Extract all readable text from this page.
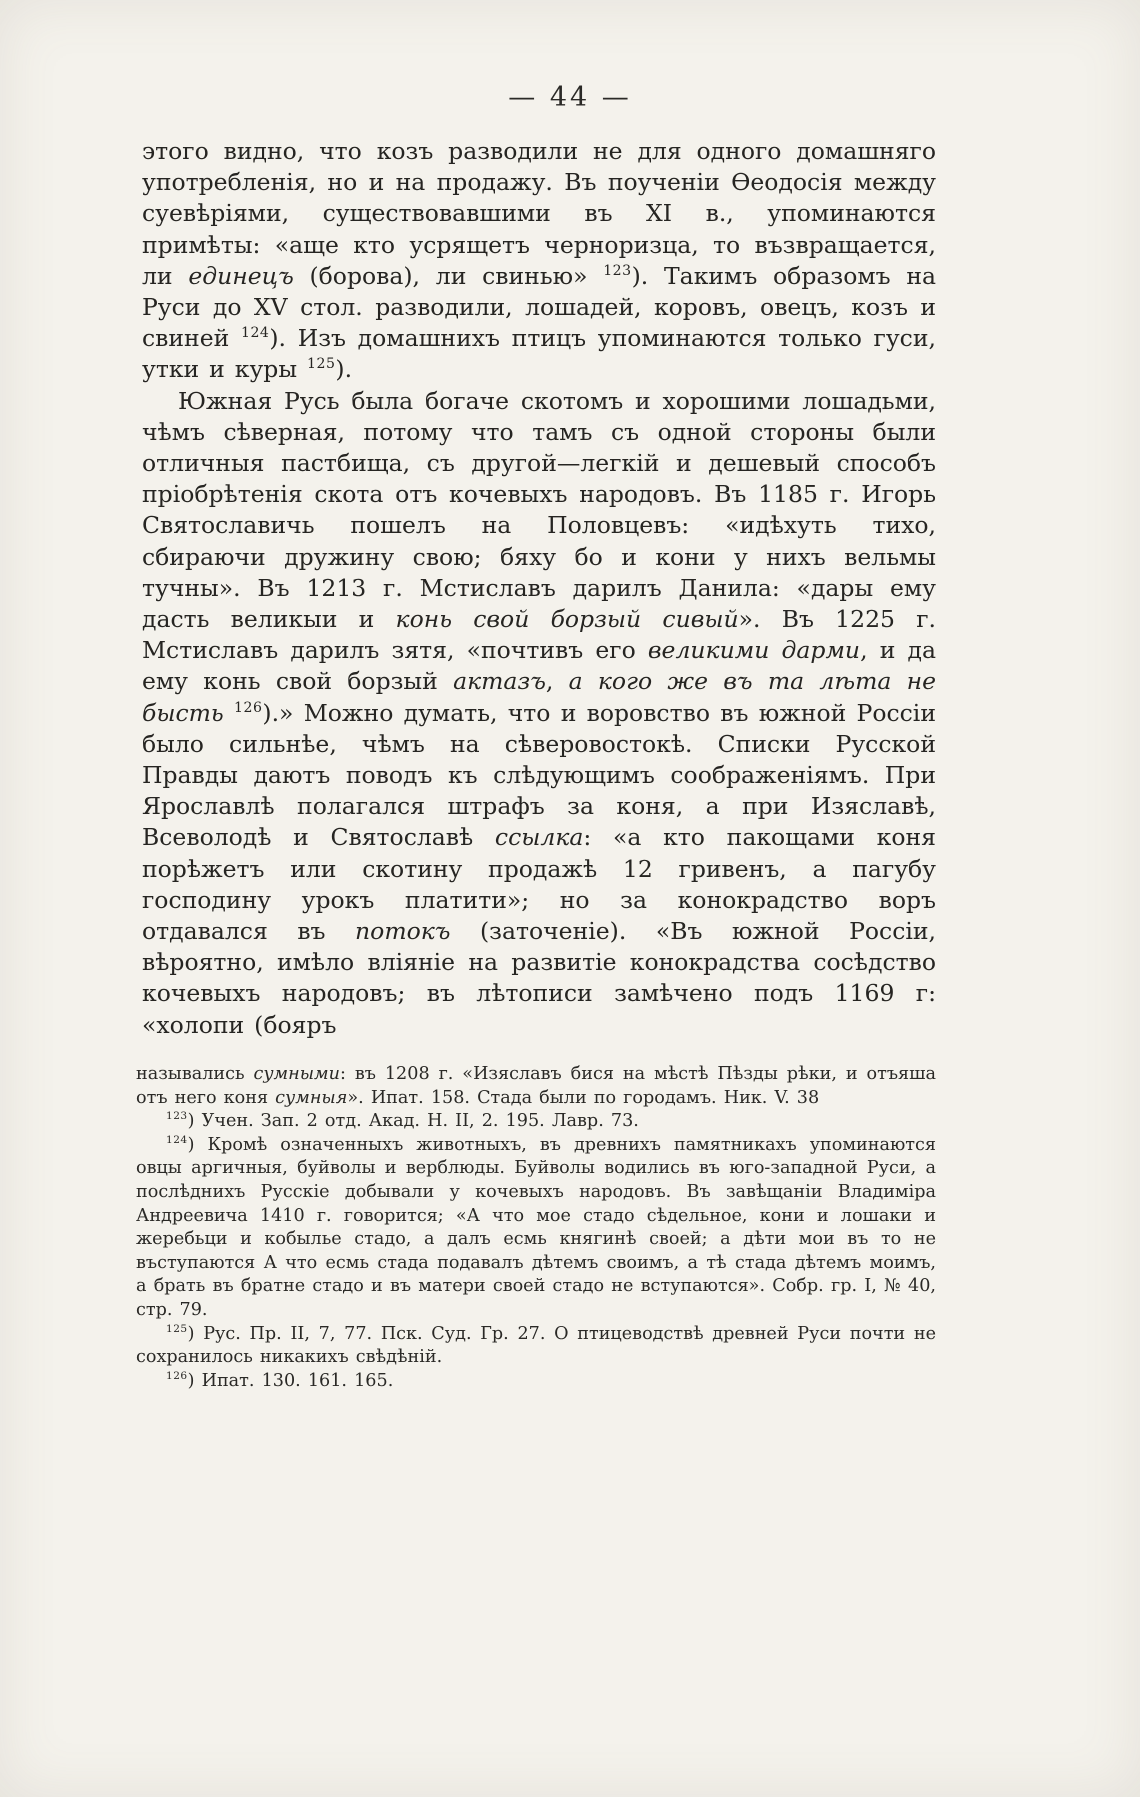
— 44 —

этого видно, что козъ разводили не для одного домашняго употребленія, но и на продажу. Въ поученіи Ѳеодосія между суевѣріями, существовавшими въ XI в., упоминаются примѣты: «аще кто усрящетъ черноризца, то възвращается, ли единецъ (борова), ли свинью» $^{123}$). Такимъ образомъ на Руси до XV стол. разводили, лошадей, коровъ, овецъ, козъ и свиней $^{124}$). Изъ домашнихъ птицъ упоминаются только гуси, утки и куры $^{125}$).

Южная Русь была богаче скотомъ и хорошими лошадьми, чѣмъ сѣверная, потому что тамъ съ одной стороны были отличныя пастбища, съ другой—легкій и дешевый способъ пріобрѣтенія скота отъ кочевыхъ народовъ. Въ 1185 г. Игорь Святославичь пошелъ на Половцевъ: «идѣхуть тихо, сбираючи дружину свою; бяху бо и кони у нихъ вельмы тучны». Въ 1213 г. Мстиславъ дарилъ Данила: «дары ему дасть великыи и конь свой борзый сивый». Въ 1225 г. Мстиславъ дарилъ зятя, «почтивъ его великими дарми, и да ему конь свой борзый актазъ, а кого же въ та лѣта не бысть $^{126}$).» Можно думать, что и воровство въ южной Россіи было сильнѣе, чѣмъ на сѣверовостокѣ. Списки Русской Правды даютъ поводъ къ слѣдующимъ соображеніямъ. При Ярославлѣ полагался штрафъ за коня, а при Изяславѣ, Всеволодѣ и Святославѣ ссылка: «а кто пакощами коня порѣжетъ или скотину продажѣ 12 гривенъ, а пагубу господину урокъ платити»; но за конокрадство воръ отдавался въ потокъ (заточеніе). «Въ южной Россіи, вѣроятно, имѣло вліяніе на развитіе конокрадства сосѣдство кочевыхъ народовъ; въ лѣтописи замѣчено подъ 1169 г: «холопи (бояръ

назывались сумными: въ 1208 г. «Изяславъ бися на мѣстѣ Пѣзды рѣки, и отъяша отъ него коня сумныя». Ипат. 158. Стада были по городамъ. Ник. V. 38

$^{123}$) Учен. Зап. 2 отд. Акад. Н. II, 2. 195. Лавр. 73.

$^{124}$) Кромѣ означенныхъ животныхъ, въ древнихъ памятникахъ упоминаются овцы аргичныя, буйволы и верблюды. Буйволы водились въ юго-западной Руси, а послѣднихъ Русскіе добывали у кочевыхъ народовъ. Въ завѣщаніи Владиміра Андреевича 1410 г. говорится; «А что мое стадо сѣдельное, кони и лошаки и жеребьци и кобылье стадо, а далъ есмь княгинѣ своей; а дѣти мои въ то не въступаются А что есмь стада подавалъ дѣтемъ своимъ, а тѣ стада дѣтемъ моимъ, а брать въ братне стадо и въ матери своей стадо не вступаются». Собр. гр. I, № 40, стр. 79.

$^{125}$) Рус. Пр. II, 7, 77. Пск. Суд. Гр. 27. О птицеводствѣ древней Руси почти не сохранилось никакихъ свѣдѣній.

$^{126}$) Ипат. 130. 161. 165.
